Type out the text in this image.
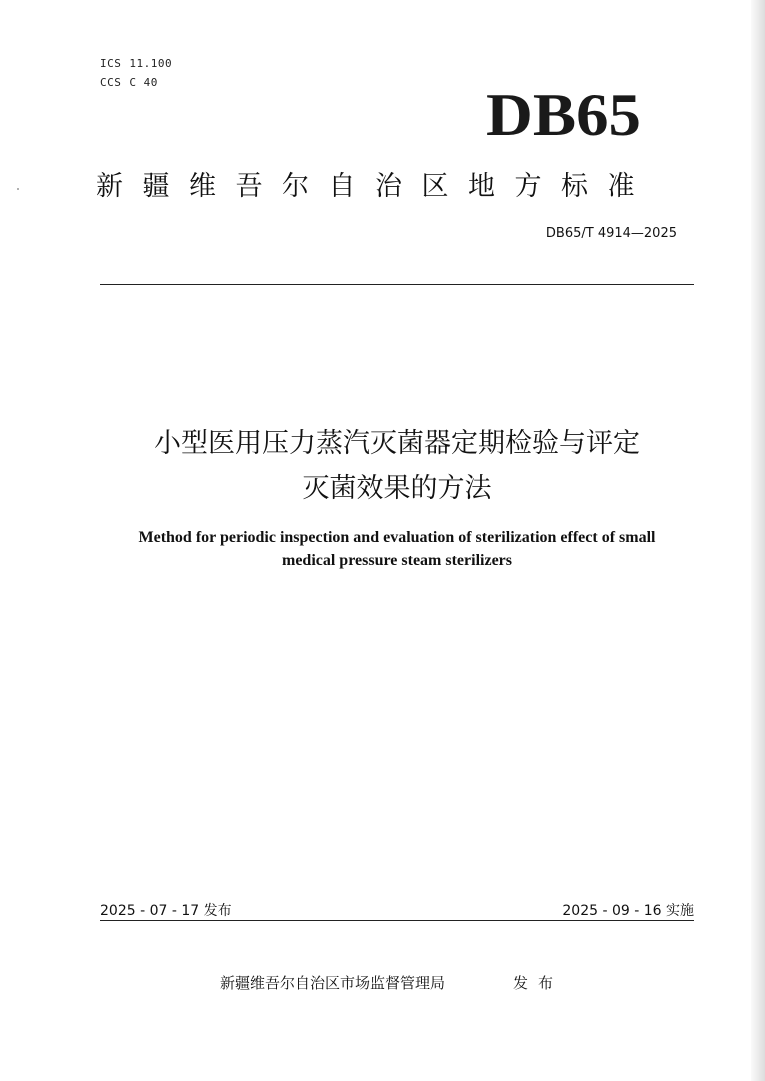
ICS 11.100
CCS C 40	DB65
新疆维吾尔自治区地方标准
DB65/T 4914—2025
小型医用压力蒸汽灭菌器定期检验与评定
灭菌效果的方法
Method for periodic inspection and evaluation of sterilization effect of small
medical pressure steam sterilizers
2025 - 07 - 17 发布	2025 - 09 - 16 实施
新疆维吾尔自治区市场监督管理局	发布
